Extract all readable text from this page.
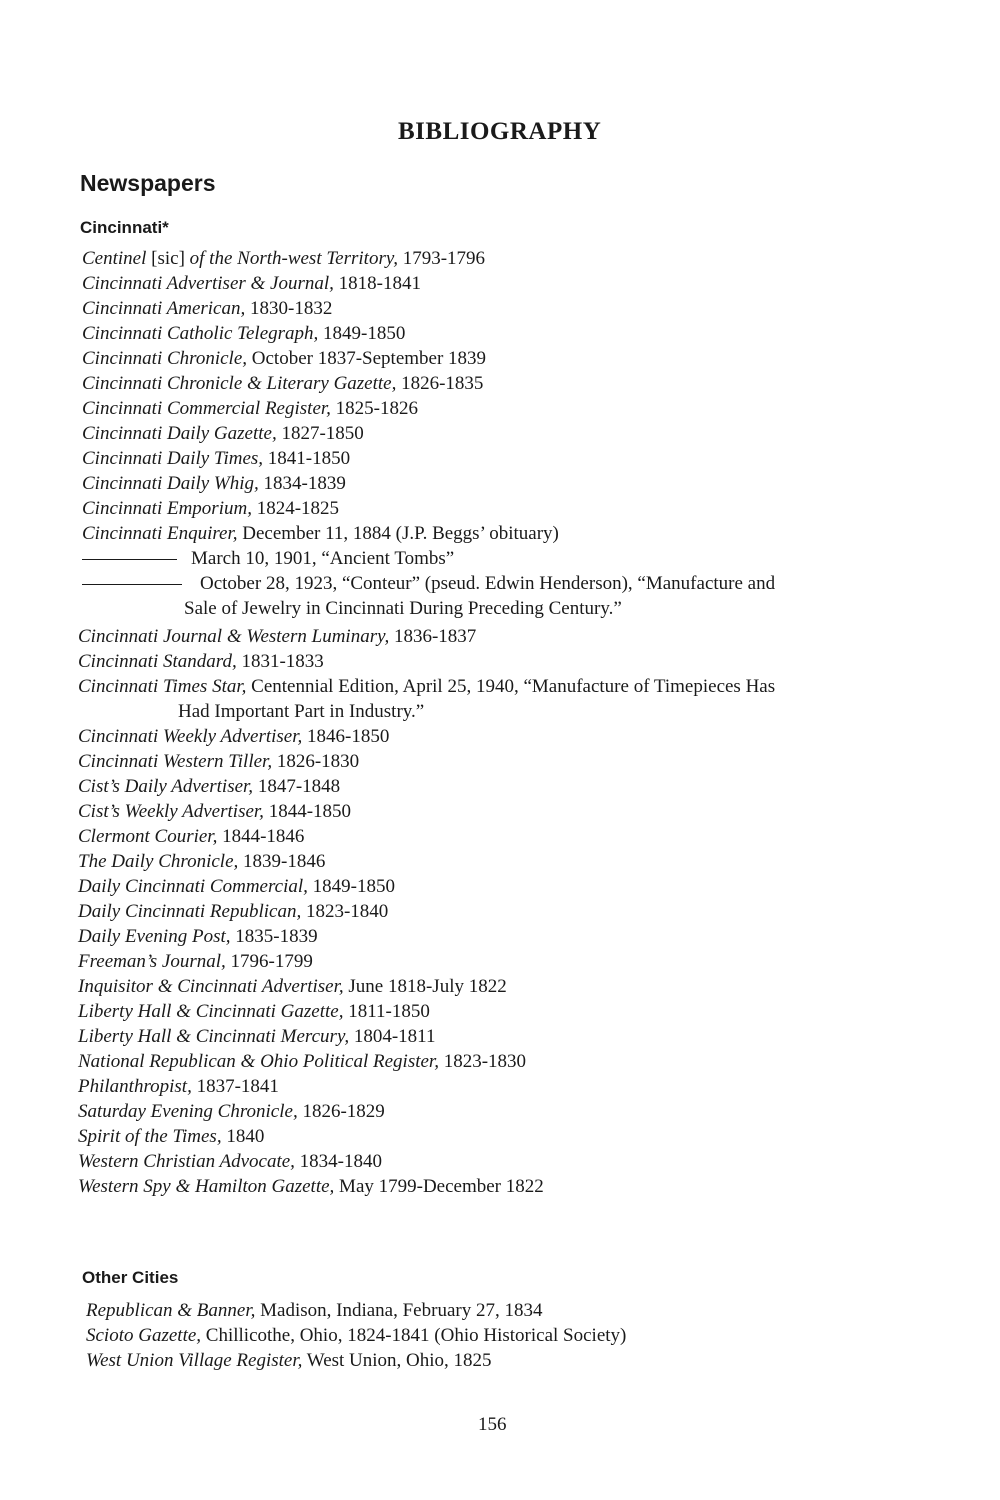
BIBLIOGRAPHY
Newspapers
Cincinnati*
Centinel [sic] of the North-west Territory, 1793-1796
Cincinnati Advertiser & Journal, 1818-1841
Cincinnati American, 1830-1832
Cincinnati Catholic Telegraph, 1849-1850
Cincinnati Chronicle, October 1837-September 1839
Cincinnati Chronicle & Literary Gazette, 1826-1835
Cincinnati Commercial Register, 1825-1826
Cincinnati Daily Gazette, 1827-1850
Cincinnati Daily Times, 1841-1850
Cincinnati Daily Whig, 1834-1839
Cincinnati Emporium, 1824-1825
Cincinnati Enquirer, December 11, 1884 (J.P. Beggs’ obituary)
March 10, 1901, “Ancient Tombs”
October 28, 1923, “Conteur” (pseud. Edwin Henderson), “Manufacture and
Sale of Jewelry in Cincinnati During Preceding Century.”
Cincinnati Journal & Western Luminary, 1836-1837
Cincinnati Standard, 1831-1833
Cincinnati Times Star, Centennial Edition, April 25, 1940, “Manufacture of Timepieces Has
Had Important Part in Industry.”
Cincinnati Weekly Advertiser, 1846-1850
Cincinnati Western Tiller, 1826-1830
Cist’s Daily Advertiser, 1847-1848
Cist’s Weekly Advertiser, 1844-1850
Clermont Courier, 1844-1846
The Daily Chronicle, 1839-1846
Daily Cincinnati Commercial, 1849-1850
Daily Cincinnati Republican, 1823-1840
Daily Evening Post, 1835-1839
Freeman’s Journal, 1796-1799
Inquisitor & Cincinnati Advertiser, June 1818-July 1822
Liberty Hall & Cincinnati Gazette, 1811-1850
Liberty Hall & Cincinnati Mercury, 1804-1811
National Republican & Ohio Political Register, 1823-1830
Philanthropist, 1837-1841
Saturday Evening Chronicle, 1826-1829
Spirit of the Times, 1840
Western Christian Advocate, 1834-1840
Western Spy & Hamilton Gazette, May 1799-December 1822
Other Cities
Republican & Banner, Madison, Indiana, February 27, 1834
Scioto Gazette, Chillicothe, Ohio, 1824-1841 (Ohio Historical Society)
West Union Village Register, West Union, Ohio, 1825
156
